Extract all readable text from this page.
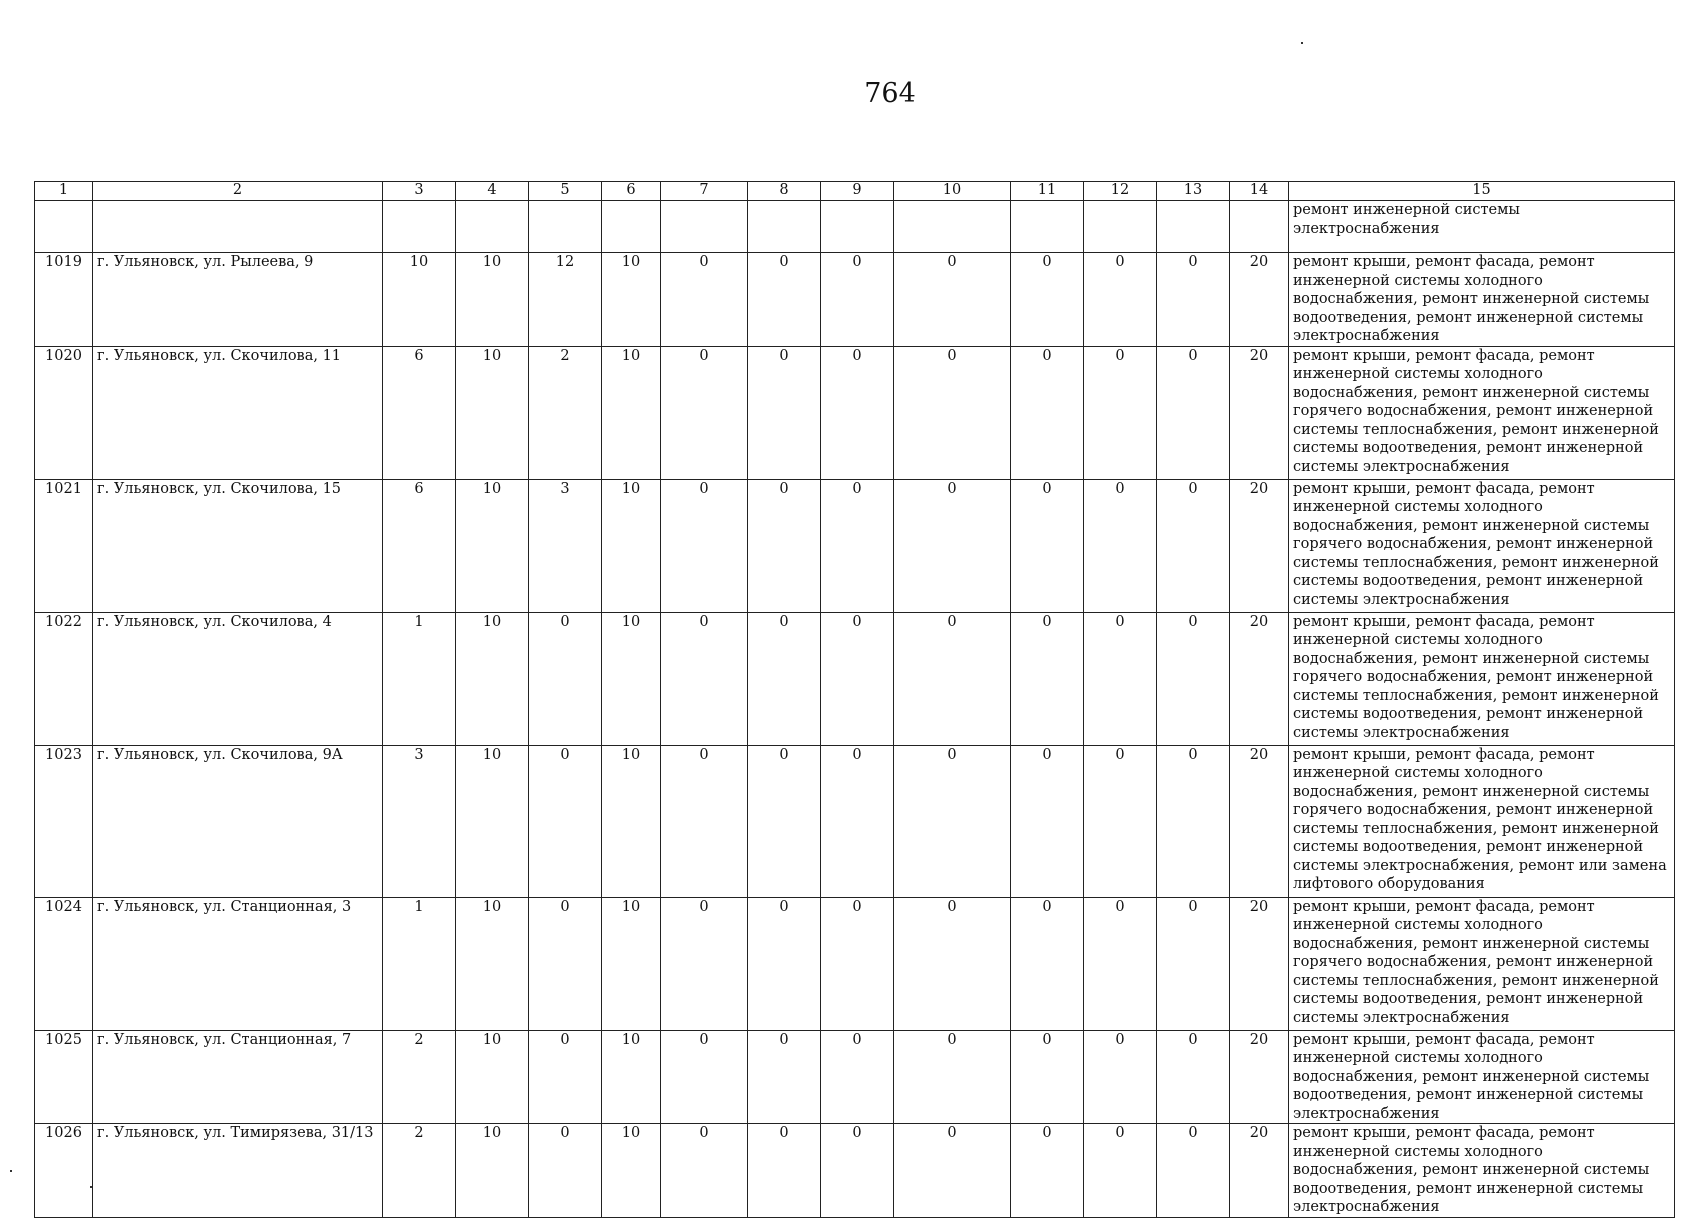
764
1	2	3	4	5	6	7	8	9	10	11	12	13	14	15
														ремонт инженерной системы электроснабжения
1019	г. Ульяновск, ул. Рылеева, 9	10	10	12	10	0	0	0	0	0	0	0	20	ремонт крыши, ремонт фасада, ремонт инженерной системы холодного водоснабжения, ремонт инженерной системы водоотведения, ремонт инженерной системы электроснабжения
1020	г. Ульяновск, ул. Скочилова, 11	6	10	2	10	0	0	0	0	0	0	0	20	ремонт крыши, ремонт фасада, ремонт инженерной системы холодного водоснабжения, ремонт инженерной системы горячего водоснабжения, ремонт инженерной системы теплоснабжения, ремонт инженерной системы водоотведения, ремонт инженерной системы электроснабжения
1021	г. Ульяновск, ул. Скочилова, 15	6	10	3	10	0	0	0	0	0	0	0	20	ремонт крыши, ремонт фасада, ремонт инженерной системы холодного водоснабжения, ремонт инженерной системы горячего водоснабжения, ремонт инженерной системы теплоснабжения, ремонт инженерной системы водоотведения, ремонт инженерной системы электроснабжения
1022	г. Ульяновск, ул. Скочилова, 4	1	10	0	10	0	0	0	0	0	0	0	20	ремонт крыши, ремонт фасада, ремонт инженерной системы холодного водоснабжения, ремонт инженерной системы горячего водоснабжения, ремонт инженерной системы теплоснабжения, ремонт инженерной системы водоотведения, ремонт инженерной системы электроснабжения
1023	г. Ульяновск, ул. Скочилова, 9А	3	10	0	10	0	0	0	0	0	0	0	20	ремонт крыши, ремонт фасада, ремонт инженерной системы холодного водоснабжения, ремонт инженерной системы горячего водоснабжения, ремонт инженерной системы теплоснабжения, ремонт инженерной системы водоотведения, ремонт инженерной системы электроснабжения, ремонт или замена лифтового оборудования
1024	г. Ульяновск, ул. Станционная, 3	1	10	0	10	0	0	0	0	0	0	0	20	ремонт крыши, ремонт фасада, ремонт инженерной системы холодного водоснабжения, ремонт инженерной системы горячего водоснабжения, ремонт инженерной системы теплоснабжения, ремонт инженерной системы водоотведения, ремонт инженерной системы электроснабжения
1025	г. Ульяновск, ул. Станционная, 7	2	10	0	10	0	0	0	0	0	0	0	20	ремонт крыши, ремонт фасада, ремонт инженерной системы холодного водоснабжения, ремонт инженерной системы водоотведения, ремонт инженерной системы электроснабжения
1026	г. Ульяновск, ул. Тимирязева, 31/13	2	10	0	10	0	0	0	0	0	0	0	20	ремонт крыши, ремонт фасада, ремонт инженерной системы холодного водоснабжения, ремонт инженерной системы водоотведения, ремонт инженерной системы электроснабжения
